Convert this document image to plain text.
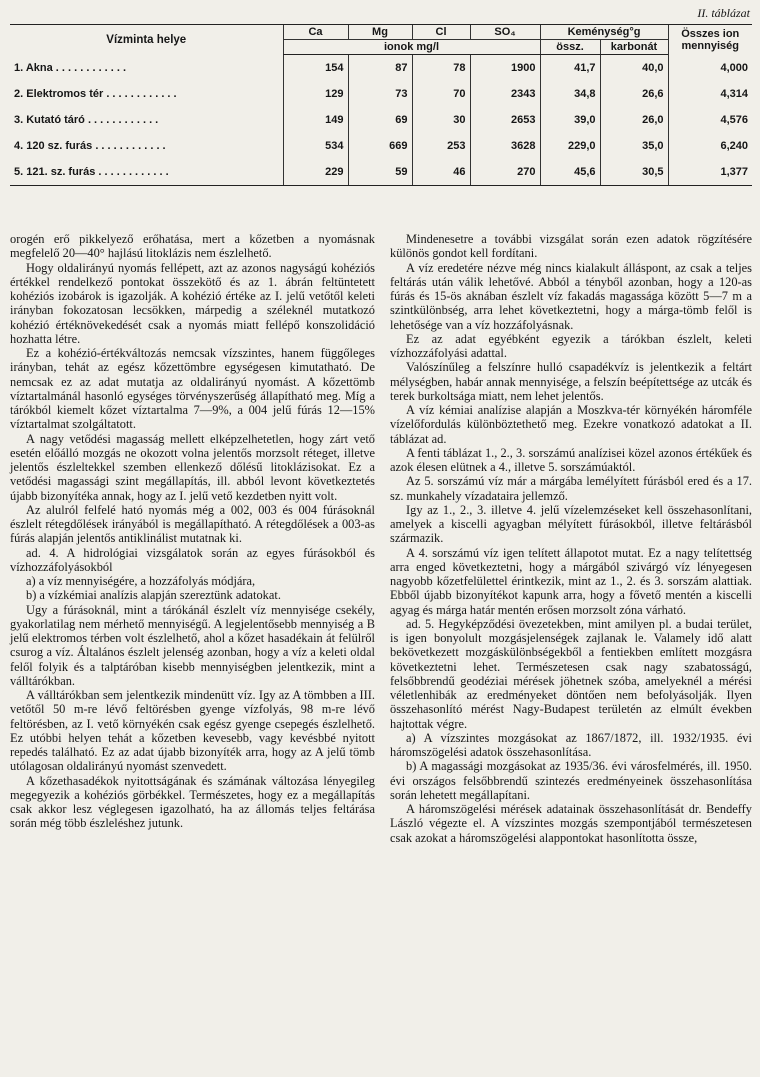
II. táblázat
Vízminta helye	Ca	Mg	Cl	SO₄	Keménység°g		Összes ion mennyiség
	ionok mg/l				össz.	karbonát	
1. Akna . . . . . . . . . . . .	154	87	78	1900	41,7	40,0	4,000
2. Elektromos tér . . . . . . . . . . . .	129	73	70	2343	34,8	26,6	4,314
3. Kutató táró . . . . . . . . . . . .	149	69	30	2653	39,0	26,0	4,576
4. 120 sz. furás . . . . . . . . . . . .	534	669	253	3628	229,0	35,0	6,240
5. 121. sz. furás . . . . . . . . . . . .	229	59	46	270	45,6	30,5	1,377

orogén erő pikkelyező erőhatása, mert a kőzetben a nyomásnak megfelelő 20—40° hajlású litoklázis nem észlelhető.

Hogy oldalirányú nyomás fellépett, azt az azonos nagyságú kohéziós értékkel rendelkező pontokat összekötő és az 1. ábrán feltüntetett kohéziós izobárok is igazolják. A kohézió értéke az I. jelű vetőtől keleti irányban fokozatosan lecsökken, márpedig a széleknél mutatkozó kohézió értéknövekedését csak a nyomás miatt fellépő konszolidáció hozhatta létre.

Ez a kohézió-értékváltozás nemcsak vízszintes, hanem függőleges irányban, tehát az egész kőzettömbre egységesen kimutatható. De nemcsak ez az adat mutatja az oldalirányú nyomást. A kőzettömb víztartalmánál hasonló egységes törvényszerűség állapítható meg. Míg a tárókból kiemelt kőzet víztartalma 7—9%, a 004 jelű fúrás 12—15% víztartalmat szolgáltatott.

A nagy vetődési magasság mellett elképzelhetetlen, hogy zárt vető esetén előálló mozgás ne okozott volna jelentős morzsolt réteget, illetve jelentős észleltekkel szemben ellenkező dőlésű litoklázisokat. Ez a vetődési magassági szint megállapítás, ill. abból levont következtetés újabb bizonyítéka annak, hogy az I. jelű vető kezdetben nyitt volt.

Az alulról felfelé ható nyomás még a 002, 003 és 004 fúrásoknál észlelt rétegdőlések irányából is megállapítható. A rétegdőlések a 003-as fúrás alapján jelentős antiklinálist mutatnak ki.

ad. 4. A hidrológiai vizsgálatok során az egyes fúrásokból és vízhozzáfolyásokból

a) a víz mennyiségére, a hozzáfolyás módjára,

b) a vízkémiai analízis alapján szereztünk adatokat.

Ugy a fúrásoknál, mint a tárókánál észlelt víz mennyisége csekély, gyakorlatilag nem mérhető mennyiségű. A legjelentősebb mennyiség a B jelű elektromos térben volt észlelhető, ahol a kőzet hasadékain át felülről csurog a víz. Általános észlelt jelenség azonban, hogy a víz a keleti oldal felől folyik és a talptáróban kisebb mennyiségben jelentkezik, mint a válltárókban.

A válltárókban sem jelentkezik mindenütt víz. Igy az A tömbben a III. vetőtől 50 m-re lévő feltörésben gyenge vízfolyás, 98 m-re lévő feltörésben, az I. vető környékén csak egész gyenge csepegés észlelhető. Ez utóbbi helyen tehát a kőzetben kevesebb, vagy kevésbbé nyitott repedés található. Ez az adat újabb bizonyíték arra, hogy az A jelű tömb utólagosan oldalirányú nyomást szenvedett.

A kőzethasadékok nyitottságának és számának változása lényegileg megegyezik a kohéziós görbékkel. Természetes, hogy ez a megállapítás csak akkor lesz véglegesen igazolható, ha az állomás teljes feltárása során még több észleléshez jutunk.

Mindenesetre a további vizsgálat során ezen adatok rögzítésére különös gondot kell fordítani.

A víz eredetére nézve még nincs kialakult álláspont, az csak a teljes feltárás után válik lehetővé. Abból a tényből azonban, hogy a 120-as fúrás és 15-ös aknában észlelt víz fakadás magassága között 5—7 m a szintkülönbség, arra lehet következtetni, hogy a márga-tömb felől is lehetősége van a víz hozzáfolyásnak.

Ez az adat egyébként egyezik a tárókban észlelt, keleti vízhozzáfolyási adattal.

Valószínűleg a felszínre hulló csapadékvíz is jelentkezik a feltárt mélységben, habár annak mennyisége, a felszín beépítettsége az utcák és terek burkoltsága miatt, nem lehet jelentős.

A víz kémiai analízise alapján a Moszkva-tér környékén háromféle vízelőfordulás különböztethető meg. Ezekre vonatkozó adatokat a II. táblázat ad.

A fenti táblázat 1., 2., 3. sorszámú analízisei közel azonos értékűek és azok élesen elütnek a 4., illetve 5. sorszámúaktól.

Az 5. sorszámú víz már a márgába lemélyített fúrásból ered és a 17. sz. munkahely vízadataira jellemző.

Igy az 1., 2., 3. illetve 4. jelű vízelemzéseket kell összehasonlítani, amelyek a kiscelli agyagban mélyített fúrásokból, illetve feltárásból származik.

A 4. sorszámú víz igen telített állapotot mutat. Ez a nagy telítettség arra enged következtetni, hogy a márgából szivárgó víz lényegesen nagyobb kőzetfelülettel érintkezik, mint az 1., 2. és 3. sorszám alattiak. Ebből újabb bizonyítékot kapunk arra, hogy a fővető mentén a kiscelli agyag és márga határ mentén erősen morzsolt zóna várható.

ad. 5. Hegyképződési övezetekben, mint amilyen pl. a budai terület, is igen bonyolult mozgásjelenségek zajlanak le. Valamely idő alatt bekövetkezett mozgáskülönbségekből a fentiekben említett mozgásra következtetni lehet. Természetesen csak nagy szabatosságú, felsőbbrendű geodéziai mérések jöhetnek szóba, amelyeknél a mérési véletlenhibák az eredményeket döntően nem befolyásolják. Ilyen összehasonlító mérést Nagy-Budapest területén az elmúlt években hajtottak végre.

a) A vízszintes mozgásokat az 1867/1872, ill. 1932/1935. évi háromszögelési adatok összehasonlítása.

b) A magassági mozgásokat az 1935/36. évi városfelmérés, ill. 1950. évi országos felsőbbrendű szintezés eredményeinek összehasonlítása során lehetett megállapítani.

A háromszögelési mérések adatainak összehasonlítását dr. Bendeffy László végezte el. A vízszintes mozgás szempontjából természetesen csak azokat a háromszögelési alappontokat hasonlította össze,
